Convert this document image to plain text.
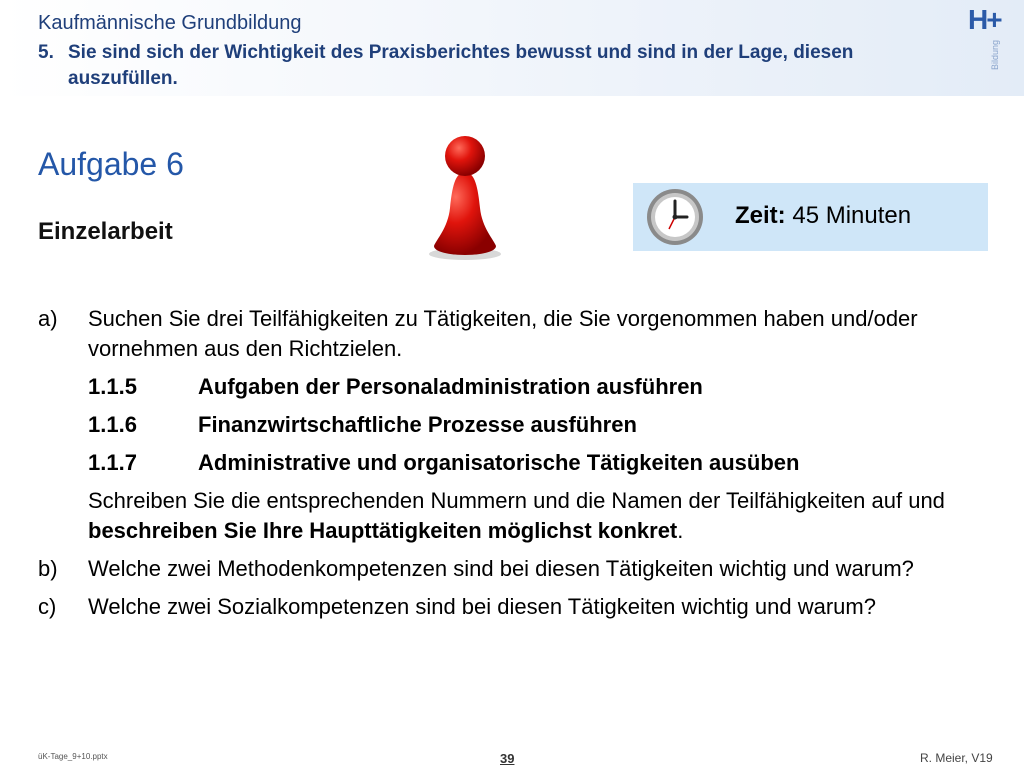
Kaufmännische Grundbildung
5. Sie sind sich der Wichtigkeit des Praxisberichtes bewusst und sind in der Lage, diesen auszufüllen.
H+
Bildung
Aufgabe 6
Einzelarbeit
Zeit: 45 Minuten
a)	Suchen Sie drei Teilfähigkeiten zu Tätigkeiten, die Sie vorgenommen haben und/oder vornehmen aus den Richtzielen.
1.1.5	Aufgaben der Personaladministration ausführen
1.1.6	Finanzwirtschaftliche Prozesse ausführen
1.1.7	Administrative und organisatorische Tätigkeiten ausüben
Schreiben Sie die entsprechenden Nummern und die Namen der Teilfähigkeiten auf und beschreiben Sie Ihre Haupttätigkeiten möglichst konkret.
b)	Welche zwei Methodenkompetenzen sind bei diesen Tätigkeiten wichtig und warum?
c)	Welche zwei Sozialkompetenzen sind bei diesen Tätigkeiten wichtig und warum?
üK-Tage_9+10.pptx	39	R. Meier, V19
